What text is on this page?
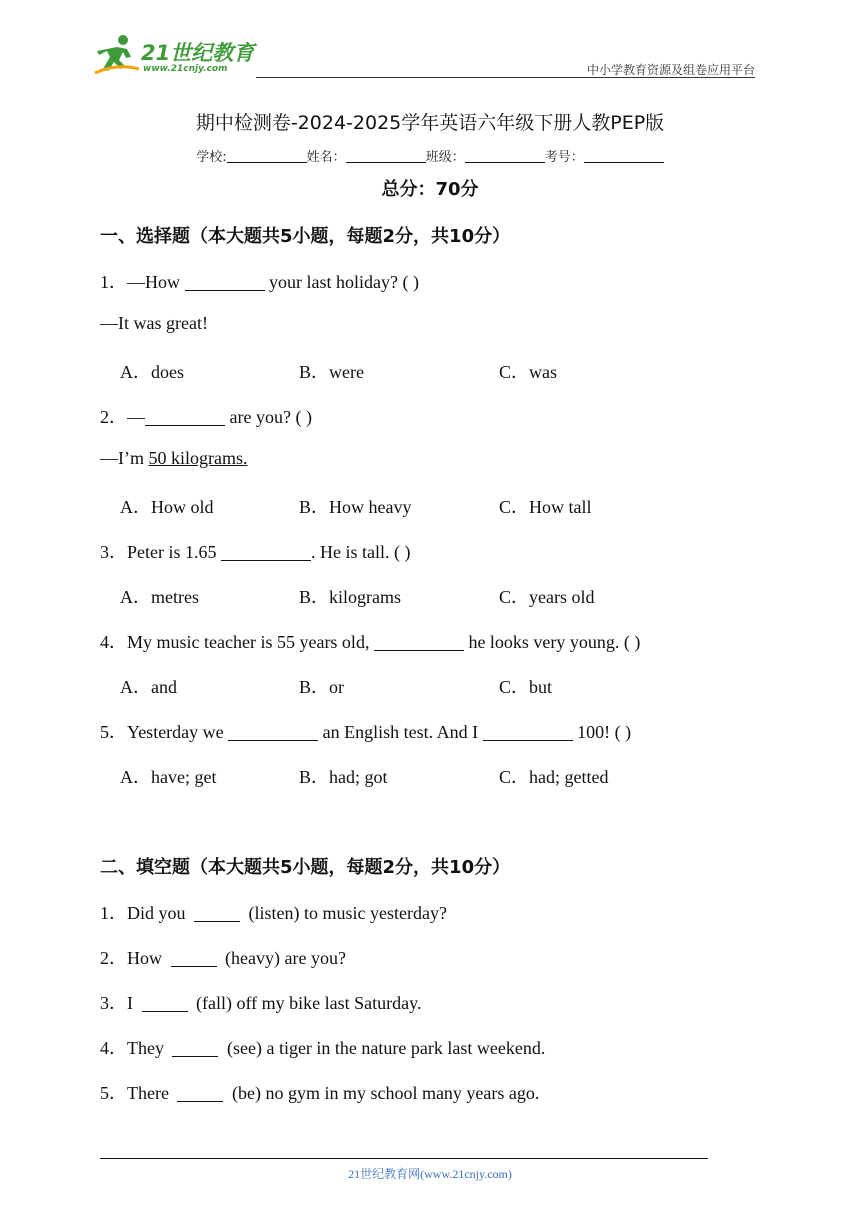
21世纪教育
www.21cnjy.com	中小学教育资源及组卷应用平台
期中检测卷-2024-2025学年英语六年级下册人教PEP版
学校:	姓名：	班级：	考号：
总分：70分
一、选择题（本大题共5小题，每题2分，共10分）
1．—How	your last holiday? ( )
—It was great!
A．does	B．were	C．was
2．—	are you? ( )
—I’m 50 kilograms.
A．How old	B．How heavy	C．How tall
3．Peter is 1.65	. He is tall. ( )
A．metres	B．kilograms	C．years old
4．My music teacher is 55 years old,	he looks very young. ( )
A．and	B．or	C．but
5．Yesterday we	an English test. And I	100! ( )
A．have; get	B．had; got	C．had; getted
二、填空题（本大题共5小题，每题2分，共10分）
1．Did you	(listen) to music yesterday?
2．How	(heavy) are you?
3．I	(fall) off my bike last Saturday.
4．They	(see) a tiger in the nature park last weekend.
5．There	(be) no gym in my school many years ago.
21世纪教育网(www.21cnjy.com)
